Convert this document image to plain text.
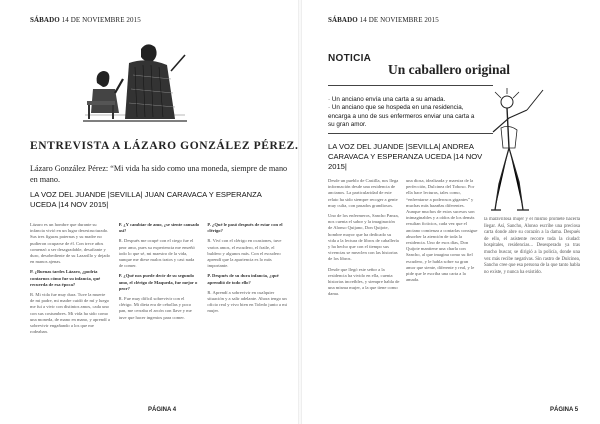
SÁBADO 14 DE NOVIEMBRE 2015
ENTREVISTA A LÁZARO GONZÁLEZ PÉREZ.
Lázaro González Pérez: “Mi vida ha sido como una moneda, siempre de mano en mano.
LA VOZ DEL JUANDE |SEVILLA| JUAN CARAVACA Y ESPERANZA UCEDA |14 NOV 2015|

Lázaro es un hombre que durante su infancia vivió en un lugar desestructurado. Sus tres figuras paternas y su madre no pudieron ocuparse de él. Con trece años comenzó a ser desagradable, desafiante y duro, desobediente de su Lazarillo y dejado en manos ajenas.

P. ¿Buenas tardes Lázaro, ¿podría contarnos cómo fue su infancia, qué recuerda de esa época?

R. Mi vida fue muy dura. Tuve la muerte de mi padre, mi madre cuidó de mí y luego me fui a vivir con distintos amos, cada uno con sus costumbres. Mi vida ha sido como una moneda, de mano en mano, y aprendí a sobrevivir engañando a los que me rodeaban.

P. ¿Y cambiar de amo, ¿se siente cansado así?

R. Después me ocupé con el ciego fue el peor amo, pues su experiencia me enseñó todo lo que sé, mi maestro de la vida, aunque me diese malos tratos y casi nada de comer.

P. ¿Qué nos puede decir de su segundo amo, el clérigo de Maqueda, fue mejor o peor?

R. Fue muy difícil sobrevivir con el clérigo. Mi dieta era de cebollas y poco pan, me cerraba el arcón con llave y me tuve que hacer ingenios para comer.

P. ¿Qué le pasó después de estar con el clérigo?

R. Viví con el clérigo en ocasiones, tuve varios amos, el escudero, el fraile, el buldero y algunos más. Con el escudero aprendí que la apariencia es lo más importante.

P. Después de su dura infancia, ¿qué aprendió de todo ello?

R. Aprendí a sobrevivir en cualquier situación y a salir adelante. Ahora tengo un oficio real y vivo bien en Toledo junto a mi mujer.

PÁGINA 4
SÁBADO 14 DE NOVIEMBRE 2015
NOTICIA
Un caballero original
· Un anciano envía una carta a su amada.
· Un anciano que se hospeda en una residencia, encarga a uno de sus enfermeros enviar una carta a su gran amor.
LA VOZ DEL JUANDE |SEVILLA| ANDREA CARAVACA Y ESPERANZA UCEDA |14 NOV 2015|

Desde un pueblo de Castilla, nos llega información desde una residencia de ancianos. La particularidad de este relato ha sido siempre recoger a gente muy culta, con pasados grandiosos.

Uno de los enfermeros, Sancho Panza, nos cuenta el sabor y la imaginación de Alonso Quijano, Don Quijote, hombre mayor que ha dedicado su vida a la lectura de libros de caballería y ha hecho que con el tiempo sus vivencias se mezclen con las historias de los libros.

Desde que llegó este señor a la residencia ha vivido en ella, cuenta historias increíbles, y siempre habla de una misma mujer, a la que tiene como dama.

una diosa, idealizada y maestra de la perfección, Dulcinea del Toboso. Por ella hace lecturas, tales como, “enfrentarse a poderosos gigantes” y muchas más hazañas diferentes. Aunque muchos de estos sucesos son inimaginables y a oídos de los demás resultan ficticios, cada vez que el anciano comienza a contarlas consigue absorber la atención de toda la residencia. Uno de esos días, Don Quijote mantiene una charla con Sancho, al que imagina como su fiel escudero, y le habla sobre su gran amor que siente, diferente y real, y le pide que le escriba una carta a la amada.

la maravillosa mujer y el mismo promete hacerla llegar. Así, Sancho, Alonso escribe una preciosa carta donde abre su corazón a la dama. Después de ello, el asistente recorre toda la ciudad: hospitales, residencias... Desesperado ya tras mucho buscar, se dirigió a la policía, donde una vez más recibe negativas. Sin rastro de Dulcinea, Sancho cree que esa persona de la que tanto habla no existe, y nunca ha existido.

PÁGINA 5
